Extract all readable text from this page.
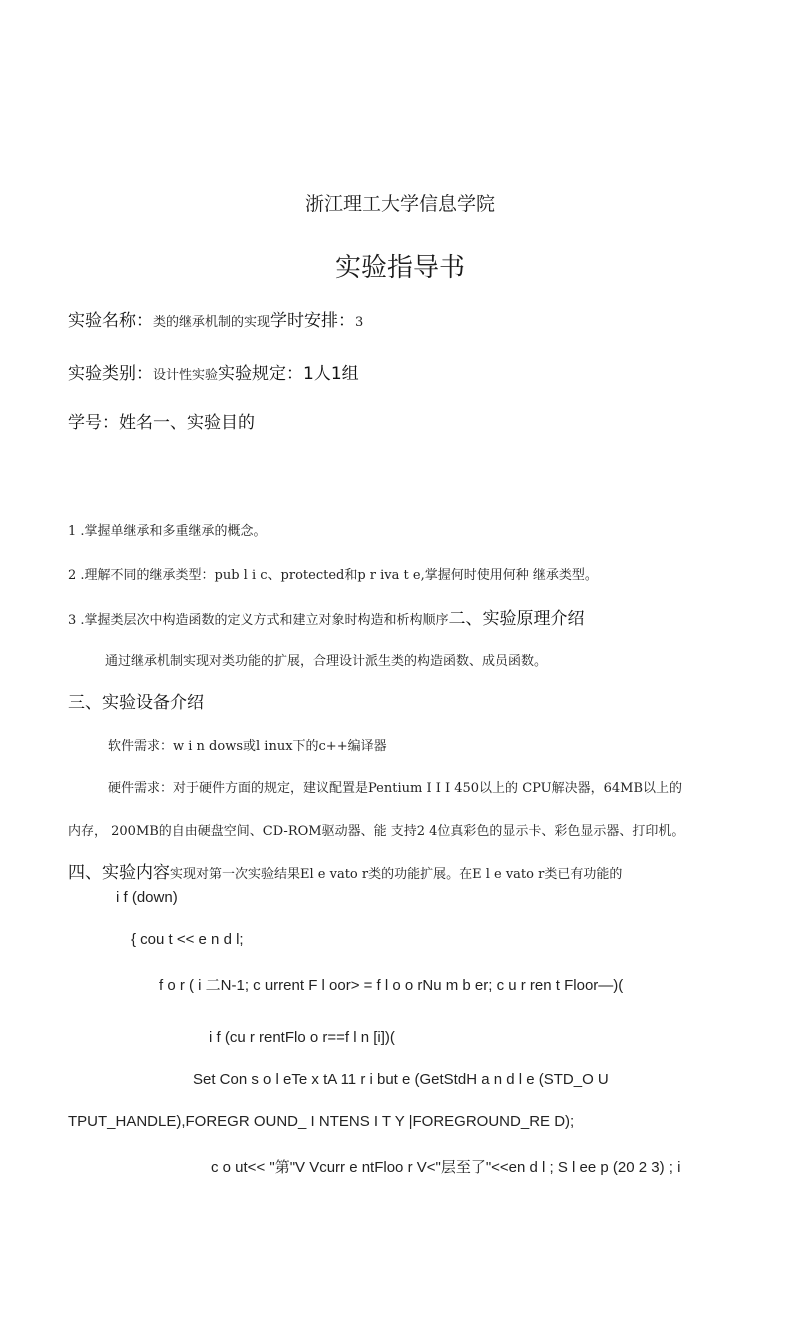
浙江理工大学信息学院
实验指导书
实验名称：类的继承机制的实现学时安排：3
实验类别：设计性实验实验规定：1人1组
学号：姓名一、实验目的
1 .掌握单继承和多重继承的概念。
2 .理解不同的继承类型：pub l i c、protected和p r iva t e,掌握何时使用何种 继承类型。
3 .掌握类层次中构造函数的定义方式和建立对象时构造和析构顺序二、实验原理介绍
通过继承机制实现对类功能的扩展，合理设计派生类的构造函数、成员函数。
三、实验设备介绍
软件需求：w i n dows或l inux下的c++编译器
硬件需求：对于硬件方面的规定，建议配置是Pentium I I I 450以上的 CPU解决器，64MB以上的
内存， 200MB的自由硬盘空间、CD-ROM驱动器、能 支持2 4位真彩色的显示卡、彩色显示器、打印机。
四、实验内容实现对第一次实验结果El e vato r类的功能扩展。在E l e vato r类已有功能的
i f (down)
{ cou t << e n d l;
f o r ( i 二N-1; c urrent F l oor> = f l o o rNu m b er; c u r ren t Floor—)(
i f (cu r rentFlo o r==f l n [i])(
Set Con s o l eTe x tA 11 r i but e (GetStdH a n d l e (STD_O U
TPUT_HANDLE),FOREGR OUND_ I NTENS I T Y |FOREGROUND_RE D);
c o ut<< "第"V Vcurr e ntFloo r V<"层至了"<<en d l ; S l ee p (20 2 3) ; i
